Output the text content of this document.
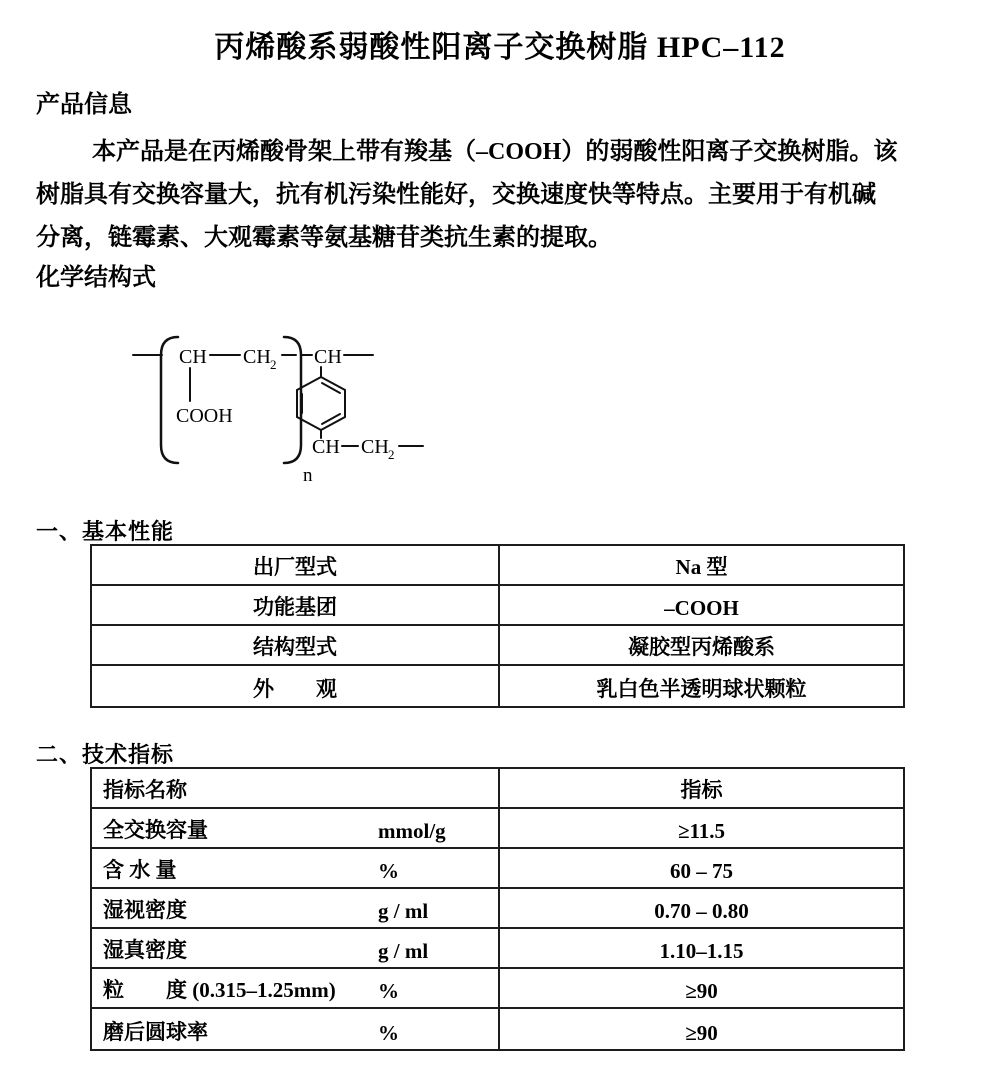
丙烯酸系弱酸性阳离子交换树脂 HPC–112
产品信息
本产品是在丙烯酸骨架上带有羧基（–COOH）的弱酸性阳离子交换树脂。该
树脂具有交换容量大，抗有机污染性能好，交换速度快等特点。主要用于有机碱
分离，链霉素、大观霉素等氨基糖苷类抗生素的提取。
化学结构式
CH CH 2
n
CH
COOH
CH CH 2
一、基本性能
出厂型式	Na 型
功能基团	–COOH
结构型式	凝胶型丙烯酸系
外　　观	乳白色半透明球状颗粒
二、技术指标
指标名称	指标
全交换容量	mmol/g	≥11.5
含 水 量	%	60 – 75
湿视密度	g / ml	0.70 – 0.80
湿真密度	g / ml	1.10–1.15
粒　　度 (0.315–1.25mm) %	≥90
磨后圆球率	%	≥90
